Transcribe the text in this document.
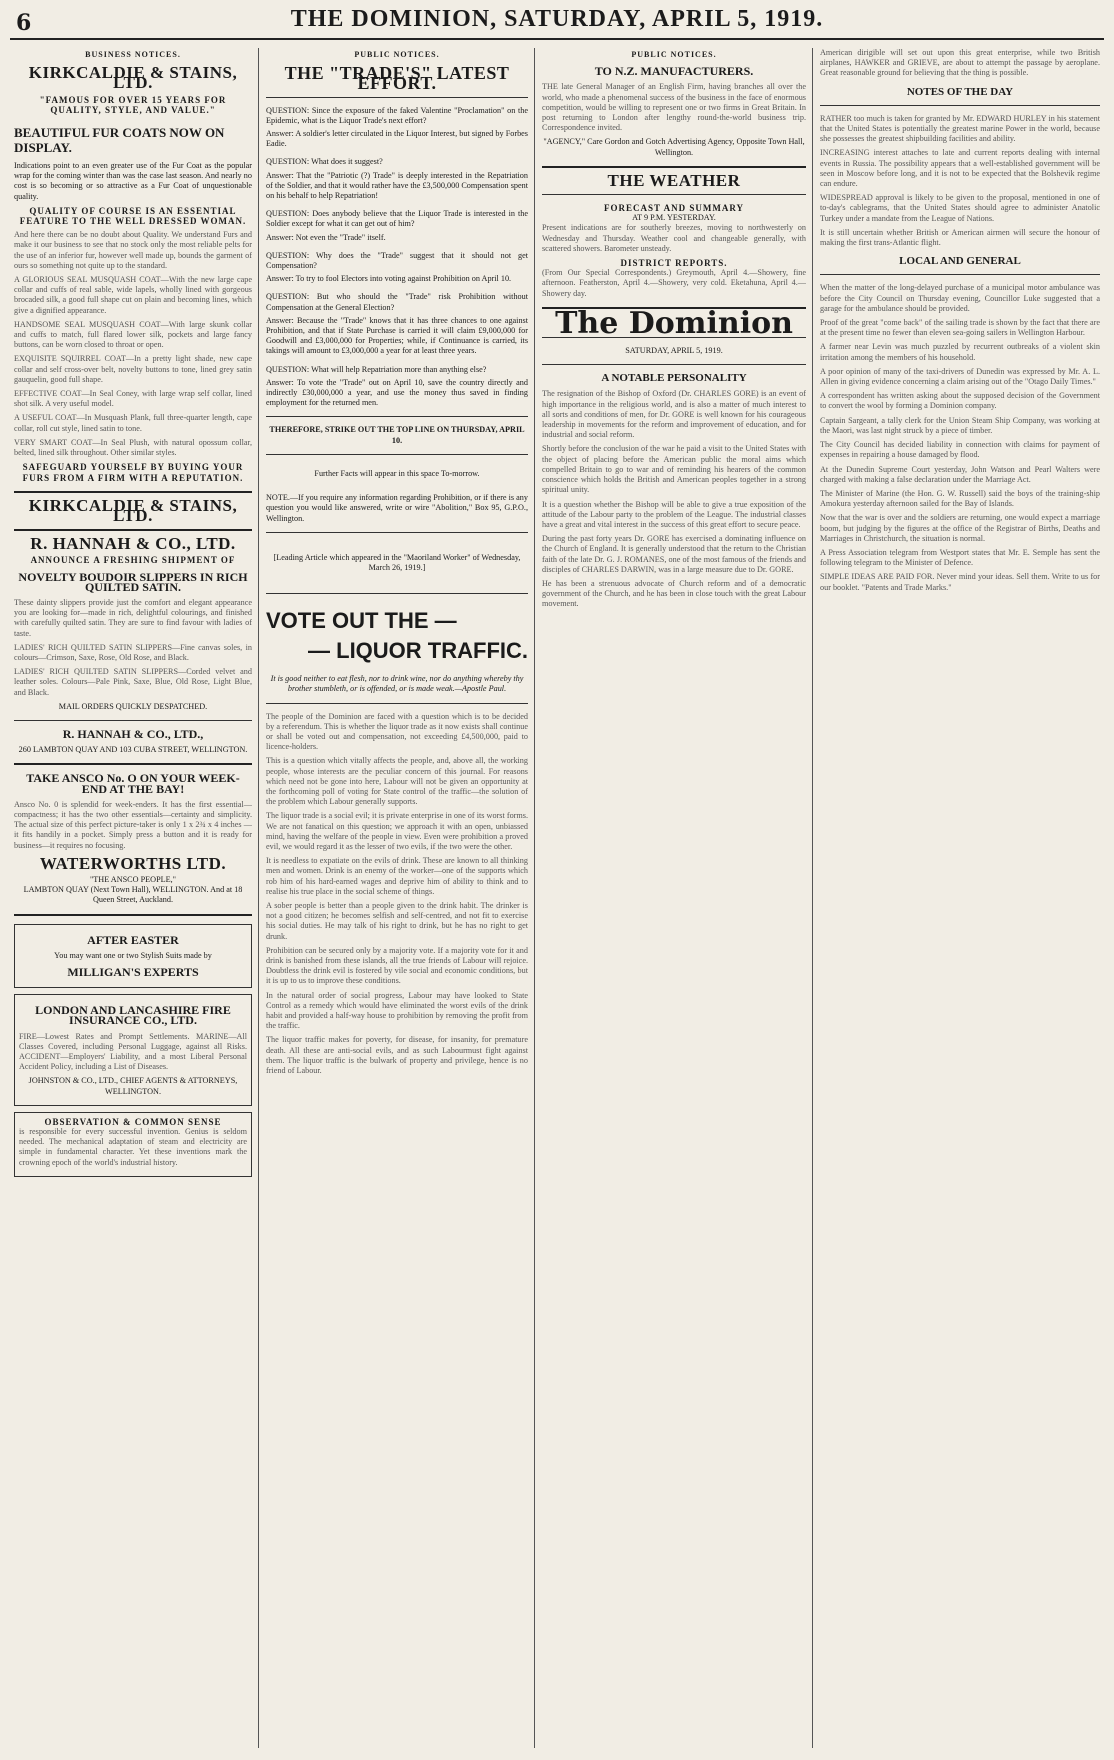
6	THE DOMINION, SATURDAY, APRIL 5, 1919.
BUSINESS NOTICES.
KIRKCALDIE & STAINS, LTD.
"FAMOUS FOR OVER 15 YEARS FOR QUALITY, STYLE, AND VALUE."
BEAUTIFUL FUR COATS NOW ON DISPLAY.

Indications point to an even greater use of the Fur Coat as the popular wrap for the coming winter than was the case last season. And nearly no cost is so becoming or so attractive as a Fur Coat of unquestionable quality.

QUALITY OF COURSE IS AN ESSENTIAL FEATURE TO THE WELL DRESSED WOMAN.

And here there can be no doubt about Quality. We understand Furs and make it our business to see that no stock only the most reliable pelts for the use of an inferior fur, however well made up, bounds the garment of ours so something not quite up to the standard.

A GLORIOUS SEAL MUSQUASH COAT—With the new large cape collar and cuffs of real sable, wide lapels, wholly lined with gorgeous brocaded silk, a good full shape cut on plain and becoming lines, which give a dignified appearance.

HANDSOME SEAL MUSQUASH COAT—With large skunk collar and cuffs to match, full flared lower silk, pockets and large fancy buttons, can be worn closed to throat or open.

EXQUISITE SQUIRREL COAT—In a pretty light shade, new cape collar and self cross-over belt, novelty buttons to tone, lined grey satin gauquelin, good full shape.

EFFECTIVE COAT—In Seal Coney, with large wrap self collar, lined shot silk. A very useful model.

A USEFUL COAT—In Musquash Plank, full three-quarter length, cape collar, roll cut style, lined satin to tone.

VERY SMART COAT—In Seal Plush, with natural opossum collar, belted, lined silk throughout. Other similar styles.

SAFEGUARD YOURSELF BY BUYING YOUR FURS FROM A FIRM WITH A REPUTATION.

KIRKCALDIE & STAINS, LTD.
R. HANNAH & CO., LTD.
ANNOUNCE A FRESHING SHIPMENT OF
NOVELTY BOUDOIR SLIPPERS IN RICH QUILTED SATIN.

These dainty slippers provide just the comfort and elegant appearance you are looking for—made in rich, delightful colourings, and finished with carefully quilted satin. They are sure to find favour with ladies of taste.

LADIES' RICH QUILTED SATIN SLIPPERS—Fine canvas soles, in colours—Crimson, Saxe, Rose, Old Rose, and Black.

LADIES' RICH QUILTED SATIN SLIPPERS—Corded velvet and leather soles. Colours—Pale Pink, Saxe, Blue, Old Rose, Light Blue, and Black.

MAIL ORDERS QUICKLY DESPATCHED.

R. HANNAH & CO., LTD.,

260 LAMBTON QUAY AND 103 CUBA STREET, WELLINGTON.

TAKE ANSCO No. O ON YOUR WEEK-END AT THE BAY!

Ansco No. 0 is splendid for week-enders. It has the first essential—compactness; it has the two other essentials—certainty and simplicity. The actual size of this perfect picture-taker is only 1 x 2¾ x 4 inches —it fits handily in a pocket. Simply press a button and it is ready for business—it requires no focusing.

WATERWORTHS LTD.
"THE ANSCO PEOPLE,"

LAMBTON QUAY (Next Town Hall), WELLINGTON. And at 18 Queen Street, Auckland.

AFTER EASTER

You may want one or two Stylish Suits made by

MILLIGAN'S EXPERTS
LONDON AND LANCASHIRE FIRE INSURANCE CO., LTD.

FIRE—Lowest Rates and Prompt Settlements. MARINE—All Classes Covered, including Personal Luggage, against all Risks. ACCIDENT—Employers' Liability, and a most Liberal Personal Accident Policy, including a List of Diseases.

JOHNSTON & CO., LTD., CHIEF AGENTS & ATTORNEYS, WELLINGTON.

OBSERVATION & COMMON SENSE

is responsible for every successful invention. Genius is seldom needed. The mechanical adaptation of steam and electricity are simple in fundamental character. Yet these inventions mark the crowning epoch of the world's industrial history.

PUBLIC NOTICES.
THE "TRADE'S" LATEST EFFORT.

QUESTION: Since the exposure of the faked Valentine "Proclamation" on the Epidemic, what is the Liquor Trade's next effort?

Answer: A soldier's letter circulated in the Liquor Interest, but signed by Forbes Eadie.

QUESTION: What does it suggest?

Answer: That the "Patriotic (?) Trade" is deeply interested in the Repatriation of the Soldier, and that it would rather have the £3,500,000 Compensation spent on his behalf to help Repatriation!

QUESTION: Does anybody believe that the Liquor Trade is interested in the Soldier except for what it can get out of him?

Answer: Not even the "Trade" itself.

QUESTION: Why does the "Trade" suggest that it should not get Compensation?

Answer: To try to fool Electors into voting against Prohibition on April 10.

QUESTION: But who should the "Trade" risk Prohibition without Compensation at the General Election?

Answer: Because the "Trade" knows that it has three chances to one against Prohibition, and that if State Purchase is carried it will claim £9,000,000 for Goodwill and £3,000,000 for Properties; while, if Continuance is carried, its takings will amount to £3,000,000 a year for at least three years.

QUESTION: What will help Repatriation more than anything else?

Answer: To vote the "Trade" out on April 10, save the country directly and indirectly £30,000,000 a year, and use the money thus saved in finding employment for the returned men.

THEREFORE, STRIKE OUT THE TOP LINE ON THURSDAY, APRIL 10.

Further Facts will appear in this space To-morrow.

NOTE.—If you require any information regarding Prohibition, or if there is any question you would like answered, write or wire "Abolition," Box 95, G.P.O., Wellington.

[Leading Article which appeared in the "Maoriland Worker" of Wednesday, March 26, 1919.]

VOTE OUT THE —
— LIQUOR TRAFFIC.

It is good neither to eat flesh, nor to drink wine, nor do anything whereby thy brother stumbleth, or is offended, or is made weak.—Apostle Paul.

The people of the Dominion are faced with a question which is to be decided by a referendum. This is whether the liquor trade as it now exists shall continue or shall be voted out and compensation, not exceeding £4,500,000, paid to licence-holders.

This is a question which vitally affects the people, and, above all, the working people, whose interests are the peculiar concern of this journal. For reasons which need not be gone into here, Labour will not be given an opportunity at the forthcoming poll of voting for State control of the traffic—the solution of the problem which Labour generally supports.

The liquor trade is a social evil; it is private enterprise in one of its worst forms. We are not fanatical on this question; we approach it with an open, unbiassed mind, having the welfare of the people in view. Even were prohibition a proved evil, we would regard it as the lesser of two evils, if the two were the other.

It is needless to expatiate on the evils of drink. These are known to all thinking men and women. Drink is an enemy of the worker—one of the supports which rob him of his hard-earned wages and deprive him of ability to think and to realise his true place in the social scheme of things.

A sober people is better than a people given to the drink habit. The drinker is not a good citizen; he becomes selfish and self-centred, and not fit to exercise his social duties. He may talk of his right to drink, but he has no right to get drunk.

Prohibition can be secured only by a majority vote. If a majority vote for it and drink is banished from these islands, all the true friends of Labour will rejoice. Doubtless the drink evil is fostered by vile social and economic conditions, but it is up to us to improve these conditions.

In the natural order of social progress, Labour may have looked to State Control as a remedy which would have eliminated the worst evils of the drink habit and provided a half-way house to prohibition by removing the profit from the traffic.

The liquor traffic makes for poverty, for disease, for insanity, for premature death. All these are anti-social evils, and as such Labourmust fight against them. The liquor traffic is the bulwark of property and privilege, hence is no friend of Labour.

PUBLIC NOTICES.
TO N.Z. MANUFACTURERS.

THE late General Manager of an English Firm, having branches all over the world, who made a phenomenal success of the business in the face of enormous competition, would be willing to represent one or two firms in Great Britain. In post returning to London after lengthy round-the-world business trip. Correspondence invited.

"AGENCY," Care Gordon and Gotch Advertising Agency, Opposite Town Hall, Wellington.

THE WEATHER
FORECAST AND SUMMARY
AT 9 P.M. YESTERDAY.

Present indications are for southerly breezes, moving to northwesterly on Wednesday and Thursday. Weather cool and changeable generally, with scattered showers. Barometer unsteady.

DISTRICT REPORTS.

(From Our Special Correspondents.) Greymouth, April 4.—Showery, fine afternoon. Featherston, April 4.—Showery, very cold. Eketahuna, April 4.—Showery day.

The Dominion
SATURDAY, APRIL 5, 1919.
A NOTABLE PERSONALITY

The resignation of the Bishop of Oxford (Dr. CHARLES GORE) is an event of high importance in the religious world, and is also a matter of much interest to all sorts and conditions of men, for Dr. GORE is well known for his courageous leadership in movements for the reform and improvement of education, and for industrial and social reform.

Shortly before the conclusion of the war he paid a visit to the United States with the object of placing before the American public the moral aims which compelled Britain to go to war and of reminding his hearers of the common conscience which holds the British and American peoples together in a strong spiritual unity.

It is a question whether the Bishop will be able to give a true exposition of the attitude of the Labour party to the problem of the League. The industrial classes have a great and vital interest in the success of this great effort to secure peace.

During the past forty years Dr. GORE has exercised a dominating influence on the Church of England. It is generally understood that the return to the Christian faith of the late Dr. G. J. ROMANES, one of the most famous of the friends and disciples of CHARLES DARWIN, was in a large measure due to Dr. GORE.

He has been a strenuous advocate of Church reform and of a democratic government of the Church, and he has been in close touch with the great Labour movement.

American dirigible will set out upon this great enterprise, while two British airplanes, HAWKER and GRIEVE, are about to attempt the passage by aeroplane. Great reasonable ground for believing that the thing is possible.

NOTES OF THE DAY

RATHER too much is taken for granted by Mr. EDWARD HURLEY in his statement that the United States is potentially the greatest marine Power in the world, because she possesses the greatest shipbuilding facilities and ability.

INCREASING interest attaches to late and current reports dealing with internal events in Russia. The possibility appears that a well-established government will be seen in Moscow before long, and it is not to be expected that the Bolshevik regime can endure.

WIDESPREAD approval is likely to be given to the proposal, mentioned in one of to-day's cablegrams, that the United States should agree to administer Anatolic Turkey under a mandate from the League of Nations.

It is still uncertain whether British or American airmen will secure the honour of making the first trans-Atlantic flight.

LOCAL AND GENERAL

When the matter of the long-delayed purchase of a municipal motor ambulance was before the City Council on Thursday evening, Councillor Luke suggested that a garage for the ambulance should be provided.

Proof of the great "come back" of the sailing trade is shown by the fact that there are at the present time no fewer than eleven sea-going sailers in Wellington Harbour.

A farmer near Levin was much puzzled by recurrent outbreaks of a violent skin irritation among the members of his household.

A poor opinion of many of the taxi-drivers of Dunedin was expressed by Mr. A. L. Allen in giving evidence concerning a claim arising out of the "Otago Daily Times."

A correspondent has written asking about the supposed decision of the Government to convert the wool by forming a Dominion company.

Captain Sargeant, a tally clerk for the Union Steam Ship Company, was working at the Maori, was last night struck by a piece of timber.

The City Council has decided liability in connection with claims for payment of expenses in repairing a house damaged by flood.

At the Dunedin Supreme Court yesterday, John Watson and Pearl Walters were charged with making a false declaration under the Marriage Act.

The Minister of Marine (the Hon. G. W. Russell) said the boys of the training-ship Amokura yesterday afternoon sailed for the Bay of Islands.

Now that the war is over and the soldiers are returning, one would expect a marriage boom, but judging by the figures at the office of the Registrar of Births, Deaths and Marriages in Christchurch, the situation is normal.

A Press Association telegram from Westport states that Mr. E. Semple has sent the following telegram to the Minister of Defence.

SIMPLE IDEAS ARE PAID FOR. Never mind your ideas. Sell them. Write to us for our booklet. "Patents and Trade Marks."
